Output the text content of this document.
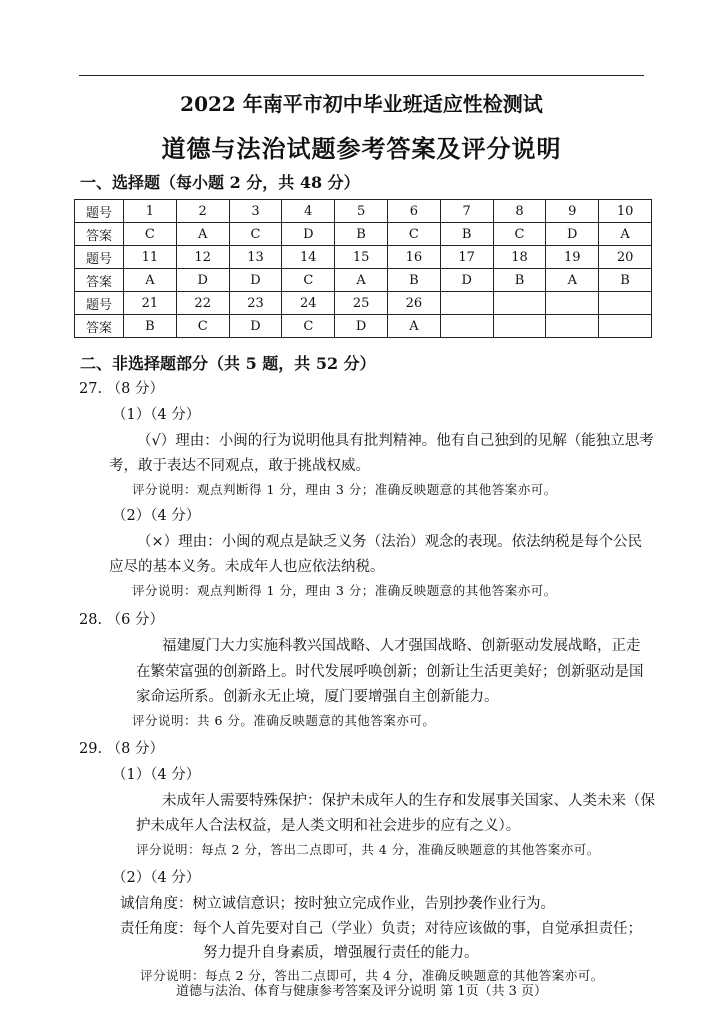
2022 年南平市初中毕业班适应性检测试
道德与法治试题参考答案及评分说明
一、选择题（每小题 2 分，共 48 分）
题号	1	2	3	4	5	6	7	8	9	10
答案	C	A	C	D	B	C	B	C	D	A
题号	11	12	13	14	15	16	17	18	19	20
答案	A	D	D	C	A	B	D	B	A	B
题号	21	22	23	24	25	26				
答案	B	C	D	C	D	A				
二、非选择题部分（共 5 题，共 52 分）
27. （8 分）
（1）（4 分）
（√）理由：小闽的行为说明他具有批判精神。他有自己独到的见解（能独立思考
考，敢于表达不同观点，敢于挑战权威。
评分说明：观点判断得 1 分，理由 3 分；准确反映题意的其他答案亦可。
（2）（4 分）
（×）理由：小闽的观点是缺乏义务（法治）观念的表现。依法纳税是每个公民
应尽的基本义务。未成年人也应依法纳税。
评分说明：观点判断得 1 分，理由 3 分；准确反映题意的其他答案亦可。
28. （6 分）
福建厦门大力实施科教兴国战略、人才强国战略、创新驱动发展战略，正走
在繁荣富强的创新路上。时代发展呼唤创新；创新让生活更美好；创新驱动是国
家命运所系。创新永无止境，厦门要增强自主创新能力。
评分说明：共 6 分。准确反映题意的其他答案亦可。
29. （8 分）
（1）（4 分）
未成年人需要特殊保护：保护未成年人的生存和发展事关国家、人类未来（保
护未成年人合法权益，是人类文明和社会进步的应有之义）。
评分说明：每点 2 分，答出二点即可，共 4 分，准确反映题意的其他答案亦可。
（2）（4 分）
诚信角度：树立诚信意识；按时独立完成作业，告别抄袭作业行为。
责任角度：每个人首先要对自己（学业）负责；对待应该做的事，自觉承担责任；
努力提升自身素质，增强履行责任的能力。
道德与法治、体育与健康参考答案及评分说明 第 1页（共 3 页）
评分说明：每点 2 分，答出二点即可，共 4 分，准确反映题意的其他答案亦可。
